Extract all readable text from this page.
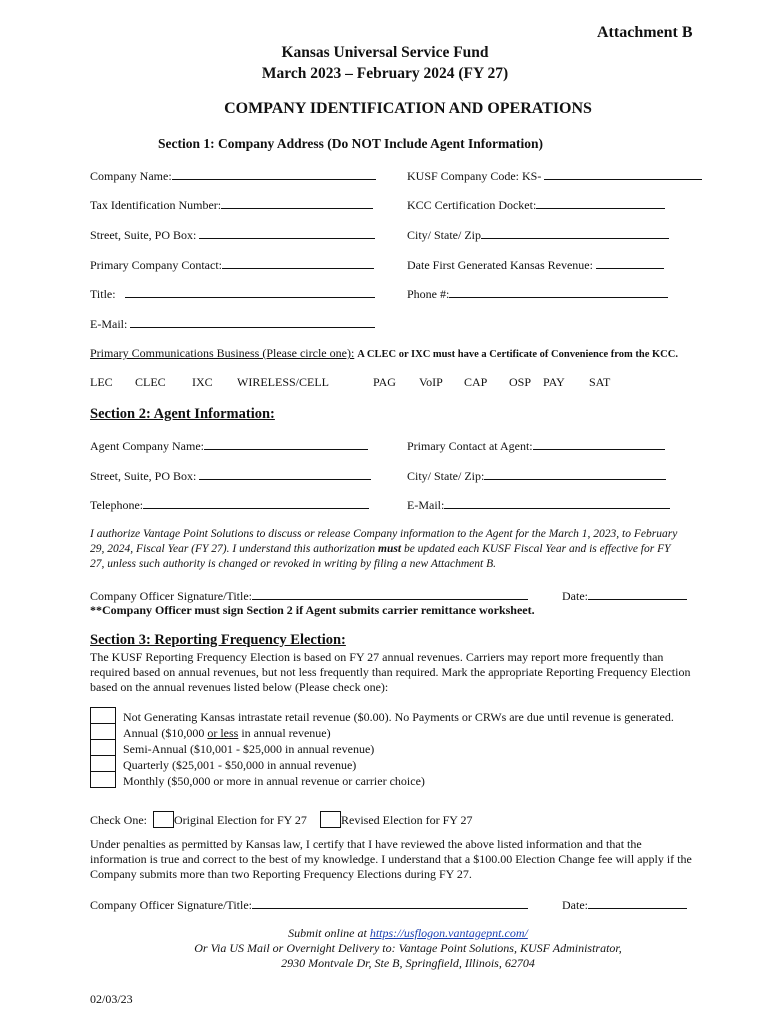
Attachment B
Kansas Universal Service Fund
March 2023 – February 2024 (FY 27)
COMPANY IDENTIFICATION AND OPERATIONS
Section 1: Company Address (Do NOT Include Agent Information)
Company Name:	KUSF Company Code: KS-
Tax Identification Number:	KCC Certification Docket:
Street, Suite, PO Box:	City/ State/ Zip
Primary Company Contact:	Date First Generated Kansas Revenue:
Title:	Phone #:
E-Mail:
Primary Communications Business (Please circle one): A CLEC or IXC must have a Certificate of Convenience from the KCC.
LEC CLEC IXC WIRELESS/CELL	PAG VoIP CAP OSP PAY SAT
Section 2: Agent Information:
Agent Company Name:	Primary Contact at Agent:
Street, Suite, PO Box:	City/ State/ Zip:
Telephone:	E-Mail:
I authorize Vantage Point Solutions to discuss or release Company information to the Agent for the March 1, 2023, to February
29, 2024, Fiscal Year (FY 27). I understand this authorization must be updated each KUSF Fiscal Year and is effective for FY
27, unless such authority is changed or revoked in writing by filing a new Attachment B.
Company Officer Signature/Title:	Date:
**Company Officer must sign Section 2 if Agent submits carrier remittance worksheet.
Section 3: Reporting Frequency Election:
The KUSF Reporting Frequency Election is based on FY 27 annual revenues. Carriers may report more frequently than
required based on annual revenues, but not less frequently than required. Mark the appropriate Reporting Frequency Election
based on the annual revenues listed below (Please check one):
Not Generating Kansas intrastate retail revenue ($0.00). No Payments or CRWs are due until revenue is generated.
Annual ($10,000 or less in annual revenue)
Semi-Annual ($10,001 - $25,000 in annual revenue)
Quarterly ($25,001 - $50,000 in annual revenue)
Monthly ($50,000 or more in annual revenue or carrier choice)
Check One: Original Election for FY 27	Revised Election for FY 27
Under penalties as permitted by Kansas law, I certify that I have reviewed the above listed information and that the
information is true and correct to the best of my knowledge. I understand that a $100.00 Election Change fee will apply if the
Company submits more than two Reporting Frequency Elections during FY 27.
Company Officer Signature/Title:	Date:
Submit online at https://usflogon.vantagepnt.com/
Or Via US Mail or Overnight Delivery to: Vantage Point Solutions, KUSF Administrator,
2930 Montvale Dr, Ste B, Springfield, Illinois, 62704
02/03/23
